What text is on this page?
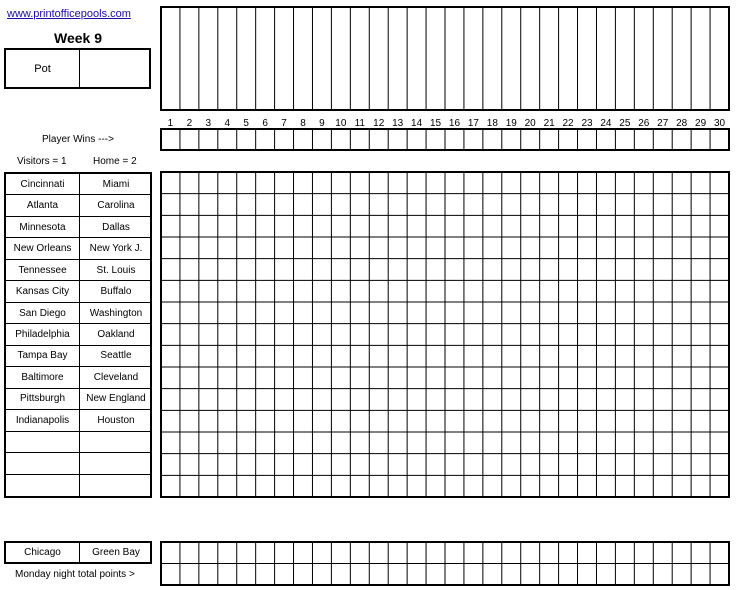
www.printofficepools.com
Week 9
Pot
Player Wins --->
Visitors = 1	Home = 2
Cincinnati	Miami
Atlanta	Carolina
Minnesota	Dallas
New Orleans	New York J.
Tennessee	St. Louis
Kansas City	Buffalo
San Diego	Washington
Philadelphia	Oakland
Tampa Bay	Seattle
Baltimore	Cleveland
Pittsburgh	New England
Indianapolis	Houston
Chicago	Green Bay
Monday night total points >
1 2 3 4 5 6 7 8 9 10 11 12 13 14 15 16 17 18 19 20 21 22 23 24 25 26 27 28 29 30
